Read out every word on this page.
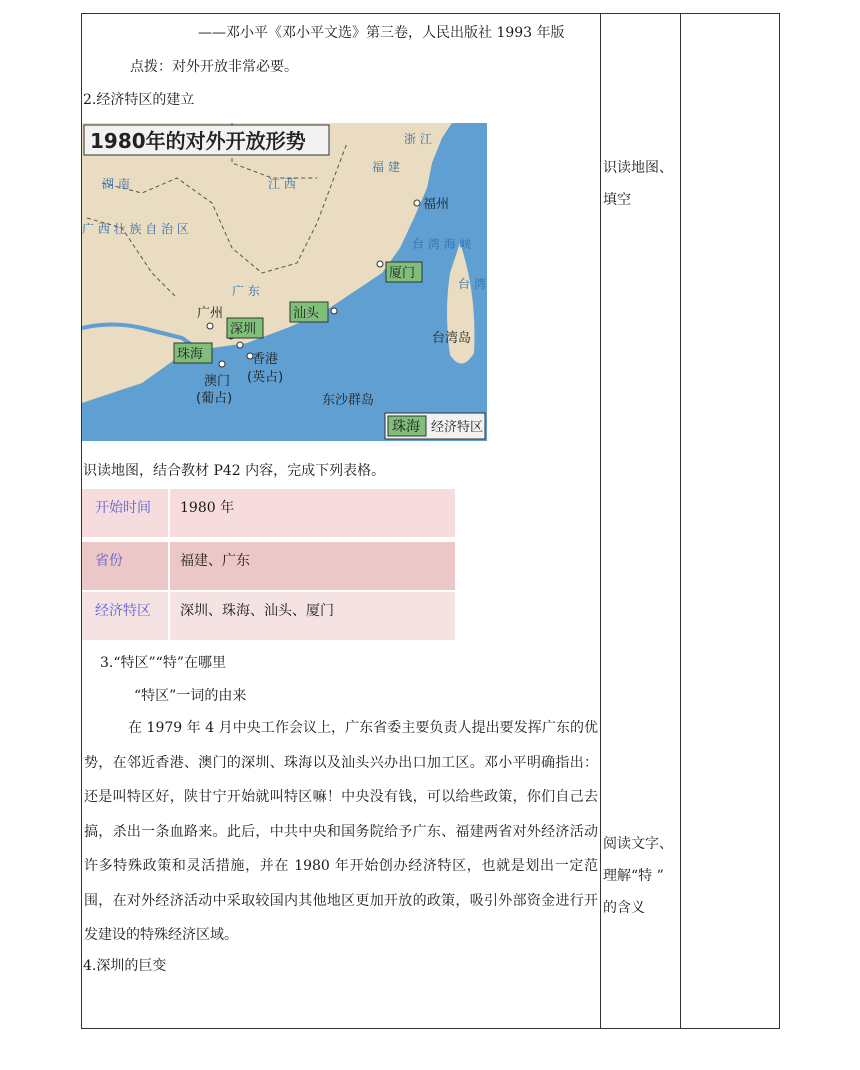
——邓小平《邓小平文选》第三卷，人民出版社 1993 年版
点拨：对外开放非常必要。
2.经济特区的建立
1980年的对外开放形势
珠海 经济特区
深圳
珠海
汕头
厦门
广州
福州
香港
(英占)
澳门
(葡占)	东沙群岛
台湾岛
浙 江
湖 南	江 西
福 建
广 东
广 西 壮 族 自 治 区
台 湾 海 峡
台 湾
识读地图，结合教材 P42 内容，完成下列表格。
开始时间	1980 年
省份	福建、广东
经济特区	深圳、珠海、汕头、厦门
3.“特区”“特”在哪里
“特区”一词的由来
在 1979 年 4 月中央工作会议上，广东省委主要负责人提出要发挥广东的优势，在邻近香港、澳门的深圳、珠海以及汕头兴办出口加工区。邓小平明确指出：还是叫特区好，陕甘宁开始就叫特区嘛！中央没有钱，可以给些政策，你们自己去搞，杀出一条血路来。此后，中共中央和国务院给予广东、福建两省对外经济活动许多特殊政策和灵活措施，并在 1980 年开始创办经济特区，也就是划出一定范围，在对外经济活动中采取较国内其他地区更加开放的政策，吸引外部资金进行开发建设的特殊经济区域。
4.深圳的巨变
识读地图、
填空
阅读文字、
理解“特 ”
的含义
